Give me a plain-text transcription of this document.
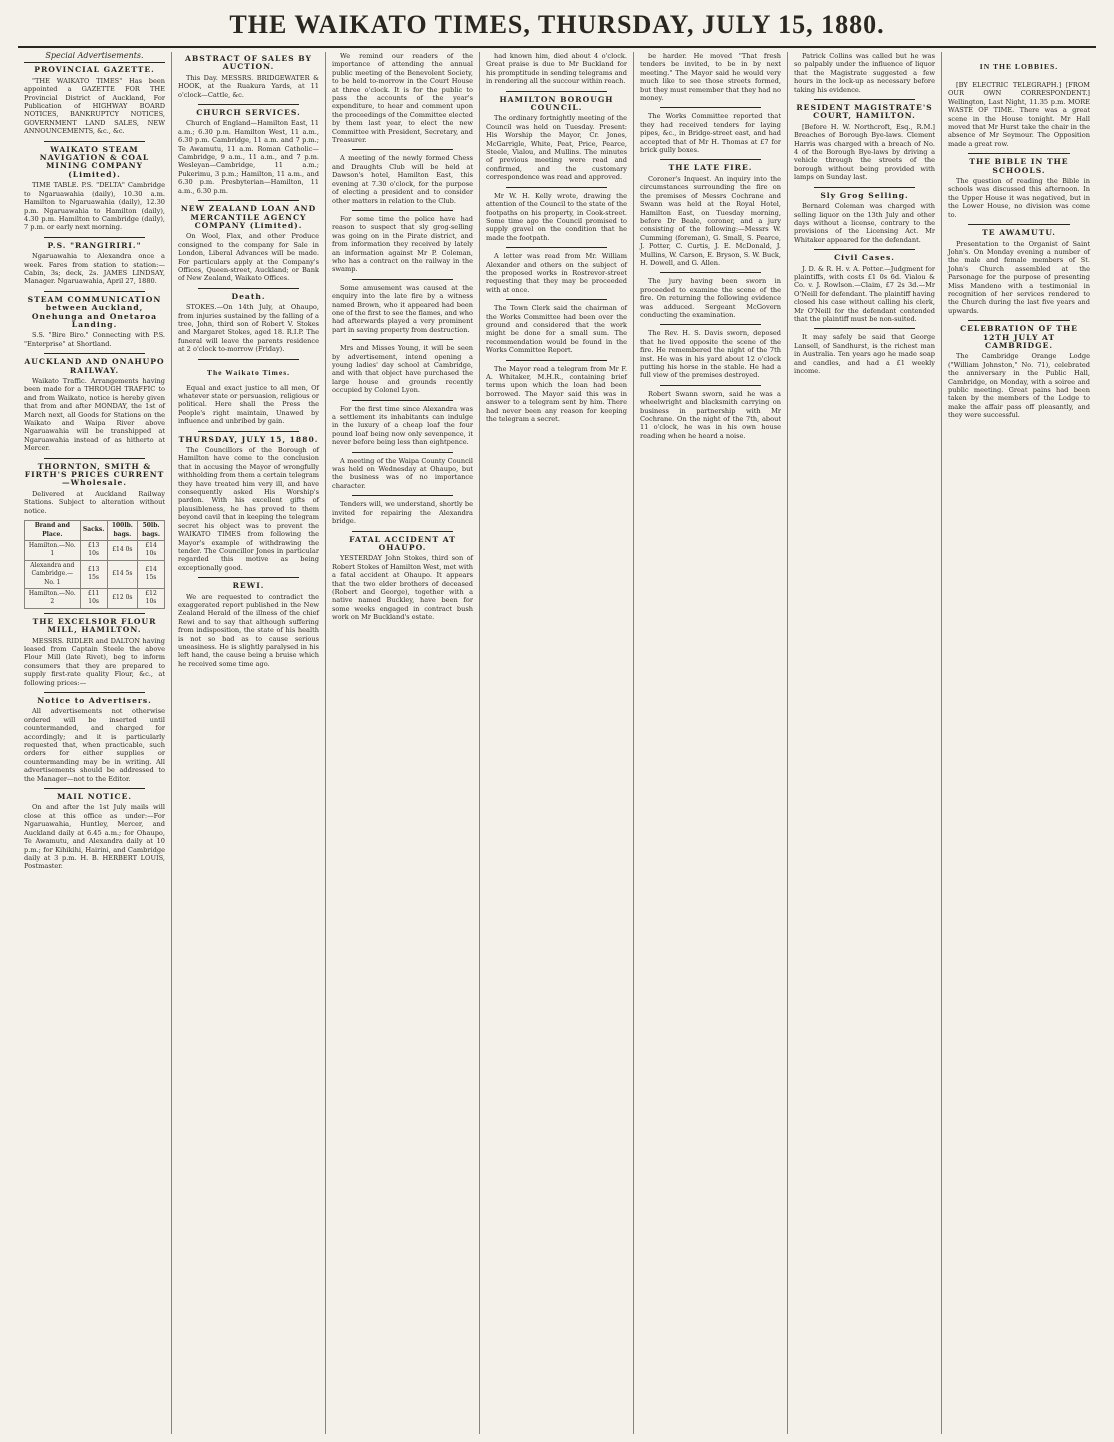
THE WAIKATO TIMES, THURSDAY, JULY 15, 1880.
Special Advertisements.
PROVINCIAL GAZETTE.

"THE WAIKATO TIMES" Has been appointed a GAZETTE FOR THE Provincial District of Auckland, For Publication of HIGHWAY BOARD NOTICES, BANKRUPTCY NOTICES, GOVERNMENT LAND SALES, NEW ANNOUNCEMENTS, &c., &c.

WAIKATO STEAM NAVIGATION & COAL MINING COMPANY (Limited).

TIME TABLE. P.S. "DELTA" Cambridge to Ngaruawahia (daily), 10.30 a.m. Hamilton to Ngaruawahia (daily), 12.30 p.m. Ngaruawahia to Hamilton (daily), 4.30 p.m. Hamilton to Cambridge (daily), 7 p.m. or early next morning.

P.S. "RANGIRIRI."

Ngaruawahia to Alexandra once a week. Fares from station to station:—Cabin, 3s; deck, 2s. JAMES LINDSAY, Manager. Ngaruawahia, April 27, 1880.

STEAM COMMUNICATION between Auckland, Onehunga and Onetaroa Landing.

S.S. "Bire Biro." Connecting with P.S. "Enterprise" at Shortland.

AUCKLAND AND ONAHUPO RAILWAY.

Waikato Traffic. Arrangements having been made for a THROUGH TRAFFIC to and from Waikato, notice is hereby given that from and after MONDAY, the 1st of March next, all Goods for Stations on the Waikato and Waipa River above Ngaruawahia will be transhipped at Ngaruawahia instead of as hitherto at Mercer.

THORNTON, SMITH & FIRTH'S PRICES CURRENT—Wholesale.

Delivered at Auckland Railway Stations. Subject to alteration without notice.

Brand and Place.	Sacks.	100lb. bags.	50lb. bags.
Hamilton.—No. 1	£13 10s	£14 0s	£14 10s
Alexandra and Cambridge.—No. 1	£13 15s	£14 5s	£14 15s
Hamilton.—No. 2	£11 10s	£12 0s	£12 10s
THE EXCELSIOR FLOUR MILL, HAMILTON.

MESSRS. RIDLER and DALTON having leased from Captain Steele the above Flour Mill (late Rivet), beg to inform consumers that they are prepared to supply first-rate quality Flour, &c., at following prices:—

Notice to Advertisers.

All advertisements not otherwise ordered will be inserted until countermanded, and charged for accordingly; and it is particularly requested that, when practicable, such orders for either supplies or countermanding may be in writing. All advertisements should be addressed to the Manager—not to the Editor.

MAIL NOTICE.

On and after the 1st July mails will close at this office as under:—For Ngaruawahia, Huntley, Mercer, and Auckland daily at 6.45 a.m.; for Ohaupo, Te Awamutu, and Alexandra daily at 10 p.m.; for Kihikihi, Hairini, and Cambridge daily at 3 p.m. H. B. HERBERT LOUIS, Postmaster.

ABSTRACT OF SALES BY AUCTION.

This Day. MESSRS. BRIDGEWATER & HOOK, at the Ruakura Yards, at 11 o'clock—Cattle, &c.

CHURCH SERVICES.

Church of England—Hamilton East, 11 a.m.; 6.30 p.m. Hamilton West, 11 a.m., 6.30 p.m. Cambridge, 11 a.m. and 7 p.m.; Te Awamutu, 11 a.m. Roman Catholic—Cambridge, 9 a.m., 11 a.m., and 7 p.m. Wesleyan—Cambridge, 11 a.m.; Pukerimu, 3 p.m.; Hamilton, 11 a.m., and 6.30 p.m. Presbyterian—Hamilton, 11 a.m., 6.30 p.m.

NEW ZEALAND LOAN AND MERCANTILE AGENCY COMPANY (Limited).

On Wool, Flax, and other Produce consigned to the company for Sale in London, Liberal Advances will be made. For particulars apply at the Company's Offices, Queen-street, Auckland; or Bank of New Zealand, Waikato Offices.

Death.

STOKES.—On 14th July, at Ohaupo, from injuries sustained by the falling of a tree, John, third son of Robert V. Stokes and Margaret Stokes, aged 18. R.I.P. The funeral will leave the parents residence at 2 o'clock to-morrow (Friday).

The Waikato Times.

Equal and exact justice to all men, Of whatever state or persuasion, religious or political. Here shall the Press the People's right maintain, Unawed by influence and unbribed by gain.

THURSDAY, JULY 15, 1880.

The Councillors of the Borough of Hamilton have come to the conclusion that in accusing the Mayor of wrongfully withholding from them a certain telegram they have treated him very ill, and have consequently asked His Worship's pardon. With his excellent gifts of plausibleness, he has proved to them beyond cavil that in keeping the telegram secret his object was to prevent the WAIKATO TIMES from following the Mayor's example of withdrawing the tender. The Councillor Jones in particular regarded this motive as being exceptionally good.

REWI.

We are requested to contradict the exaggerated report published in the New Zealand Herald of the illness of the chief Rewi and to say that although suffering from indisposition, the state of his health is not so bad as to cause serious uneasiness. He is slightly paralysed in his left hand, the cause being a bruise which he received some time ago.

We remind our readers of the importance of attending the annual public meeting of the Benevolent Society, to be held to-morrow in the Court House at three o'clock. It is for the public to pass the accounts of the year's expenditure, to hear and comment upon the proceedings of the Committee elected by them last year, to elect the new Committee with President, Secretary, and Treasurer.

A meeting of the newly formed Chess and Draughts Club will be held at Dawson's hotel, Hamilton East, this evening at 7.30 o'clock, for the purpose of electing a president and to consider other matters in relation to the Club.

For some time the police have had reason to suspect that sly grog-selling was going on in the Pirate district, and from information they received by lately an information against Mr P. Coleman, who has a contract on the railway in the swamp.

Some amusement was caused at the enquiry into the late fire by a witness named Brown, who it appeared had been one of the first to see the flames, and who had afterwards played a very prominent part in saving property from destruction.

Mrs and Misses Young, it will be seen by advertisement, intend opening a young ladies' day school at Cambridge, and with that object have purchased the large house and grounds recently occupied by Colonel Lyon.

For the first time since Alexandra was a settlement its inhabitants can indulge in the luxury of a cheap loaf the four pound loaf being now only sevenpence, it never before being less than eightpence.

A meeting of the Waipa County Council was held on Wednesday at Ohaupo, but the business was of no importance character.

Tenders will, we understand, shortly be invited for repairing the Alexandra bridge.

FATAL ACCIDENT AT OHAUPO.

YESTERDAY John Stokes, third son of Robert Stokes of Hamilton West, met with a fatal accident at Ohaupo. It appears that the two elder brothers of deceased (Robert and George), together with a native named Buckley, have been for some weeks engaged in contract bush work on Mr Buckland's estate.

had known him, died about 4 o'clock. Great praise is due to Mr Buckland for his promptitude in sending telegrams and in rendering all the succour within reach.

HAMILTON BOROUGH COUNCIL.

The ordinary fortnightly meeting of the Council was held on Tuesday. Present: His Worship the Mayor, Cr. Jones, McGarrigle, White, Peat, Price, Pearce, Steele, Vialou, and Mullins. The minutes of previous meeting were read and confirmed, and the customary correspondence was read and approved.

Mr W. H. Kelly wrote, drawing the attention of the Council to the state of the footpaths on his property, in Cook-street. Some time ago the Council promised to supply gravel on the condition that he made the footpath.

A letter was read from Mr. William Alexander and others on the subject of the proposed works in Rostrevor-street requesting that they may be proceeded with at once.

The Town Clerk said the chairman of the Works Committee had been over the ground and considered that the work might be done for a small sum. The recommendation would be found in the Works Committee Report.

The Mayor read a telegram from Mr F. A. Whitaker, M.H.R., containing brief terms upon which the loan had been borrowed. The Mayor said this was in answer to a telegram sent by him. There had never been any reason for keeping the telegram a secret.

be harder. He moved "That fresh tenders be invited, to be in by next meeting." The Mayor said he would very much like to see those streets formed, but they must remember that they had no money.

The Works Committee reported that they had received tenders for laying pipes, &c., in Bridge-street east, and had accepted that of Mr H. Thomas at £7 for brick gully boxes.

THE LATE FIRE.

Coroner's Inquest. An inquiry into the circumstances surrounding the fire on the premises of Messrs Cochrane and Swann was held at the Royal Hotel, Hamilton East, on Tuesday morning, before Dr Beale, coroner, and a jury consisting of the following:—Messrs W. Cumming (foreman), G. Small, S. Pearce, J. Potter, C. Curtis, J. E. McDonald, J. Mullins, W. Carson, E. Bryson, S. W. Buck, H. Dowell, and G. Allen.

The jury having been sworn in proceeded to examine the scene of the fire. On returning the following evidence was adduced. Sergeant McGovern conducting the examination.

The Rev. H. S. Davis sworn, deposed that he lived opposite the scene of the fire. He remembered the night of the 7th inst. He was in his yard about 12 o'clock putting his horse in the stable. He had a full view of the premises destroyed.

Robert Swann sworn, said he was a wheelwright and blacksmith carrying on business in partnership with Mr Cochrane. On the night of the 7th, about 11 o'clock, he was in his own house reading when he heard a noise.

Patrick Collins was called but he was so palpably under the influence of liquor that the Magistrate suggested a few hours in the lock-up as necessary before taking his evidence.

RESIDENT MAGISTRATE'S COURT, HAMILTON.

[Before H. W. Northcroft, Esq., R.M.] Breaches of Borough Bye-laws. Clement Harris was charged with a breach of No. 4 of the Borough Bye-laws by driving a vehicle through the streets of the borough without being provided with lamps on Sunday last.

Sly Grog Selling.

Bernard Coleman was charged with selling liquor on the 13th July and other days without a license, contrary to the provisions of the Licensing Act. Mr Whitaker appeared for the defendant.

Civil Cases.

J. D. & R. H. v. A. Potter.—Judgment for plaintiffs, with costs £1 0s 6d. Vialou & Co. v. J. Rowlson.—Claim, £7 2s 3d.—Mr O'Neill for defendant. The plaintiff having closed his case without calling his clerk, Mr O'Neill for the defendant contended that the plaintiff must be non-suited.

It may safely be said that George Lansell, of Sandhurst, is the richest man in Australia. Ten years ago he made soap and candles, and had a £1 weekly income.

IN THE LOBBIES.

[BY ELECTRIC TELEGRAPH.] [FROM OUR OWN CORRESPONDENT.] Wellington, Last Night, 11.35 p.m. MORE WASTE OF TIME. There was a great scene in the House tonight. Mr Hall moved that Mr Hurst take the chair in the absence of Mr Seymour. The Opposition made a great row.

THE BIBLE IN THE SCHOOLS.

The question of reading the Bible in schools was discussed this afternoon. In the Upper House it was negatived, but in the Lower House, no division was come to.

TE AWAMUTU.

Presentation to the Organist of Saint John's. On Monday evening a number of the male and female members of St. John's Church assembled at the Parsonage for the purpose of presenting Miss Mandeno with a testimonial in recognition of her services rendered to the Church during the last five years and upwards.

CELEBRATION OF THE 12TH JULY AT CAMBRIDGE.

The Cambridge Orange Lodge ("William Johnston," No. 71), celebrated the anniversary in the Public Hall, Cambridge, on Monday, with a soiree and public meeting. Great pains had been taken by the members of the Lodge to make the affair pass off pleasantly, and they were successful.
